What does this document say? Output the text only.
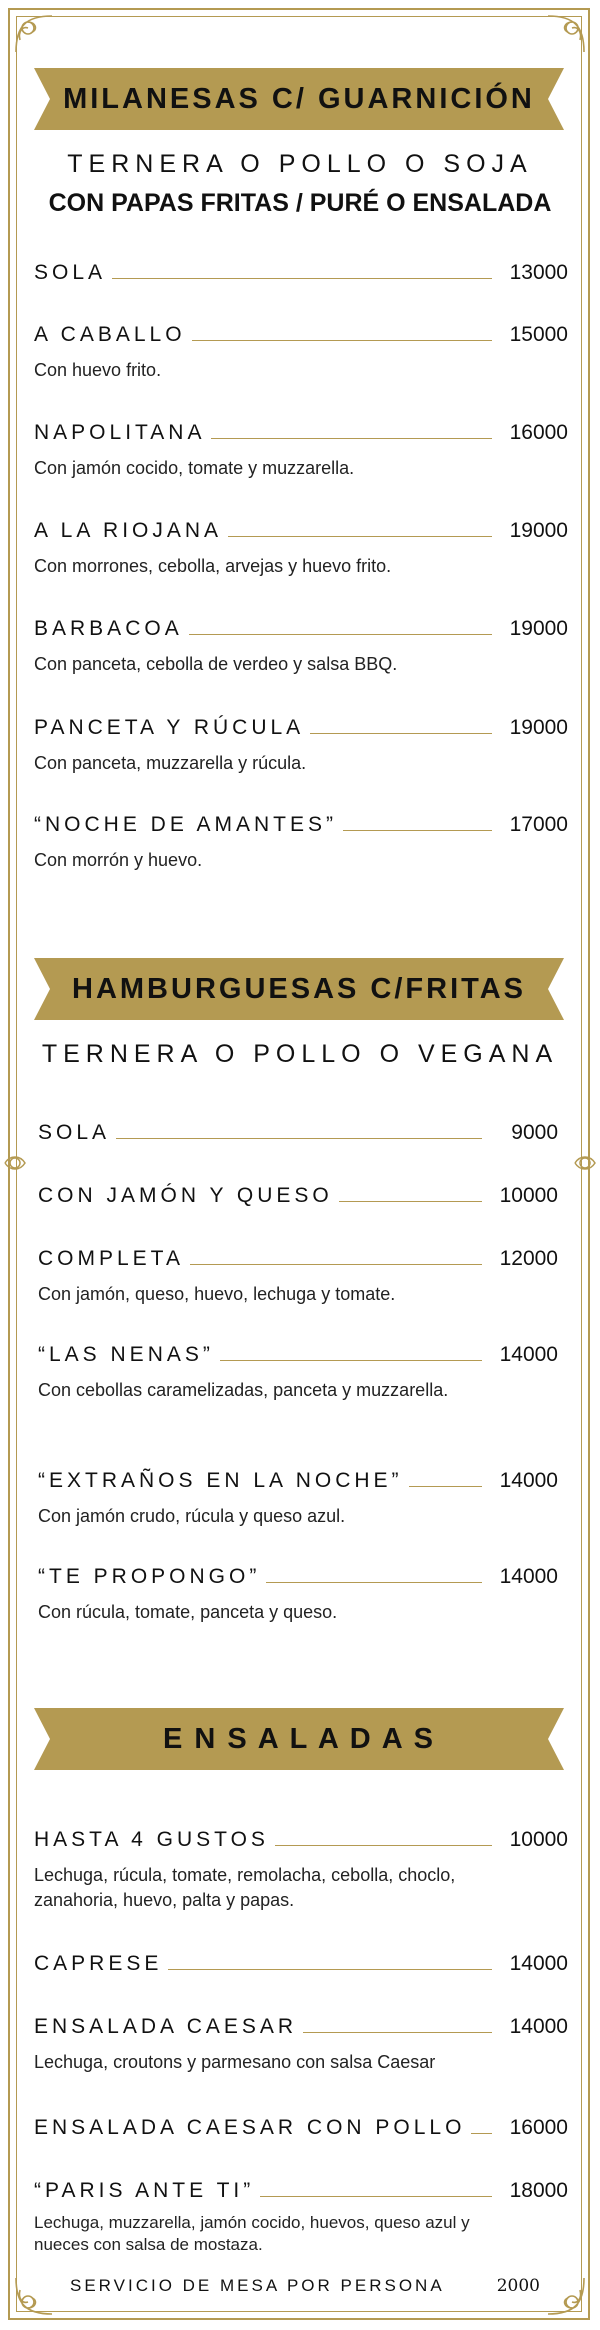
MILANESAS C/ GUARNICIÓN
TERNERA O POLLO O SOJA
CON PAPAS FRITAS / PURÉ O ENSALADA
SOLA	13000
A CABALLO	15000
Con huevo frito.
NAPOLITANA	16000
Con jamón cocido, tomate y muzzarella.
A LA RIOJANA	19000
Con morrones, cebolla, arvejas y huevo frito.
BARBACOA	19000
Con panceta, cebolla de verdeo y salsa BBQ.
PANCETA Y RÚCULA	19000
Con panceta, muzzarella y rúcula.
“NOCHE DE AMANTES”	17000
Con morrón y huevo.
HAMBURGUESAS C/FRITAS
TERNERA O POLLO O VEGANA
SOLA	9000
CON JAMÓN Y QUESO	10000
COMPLETA	12000
Con jamón, queso, huevo, lechuga y tomate.
“LAS NENAS”	14000
Con cebollas caramelizadas, panceta y muzzarella.
“EXTRAÑOS EN LA NOCHE”	14000
Con jamón crudo, rúcula y queso azul.
“TE PROPONGO”	14000
Con rúcula, tomate, panceta y queso.
E N S A L A D A S
HASTA 4 GUSTOS	10000
Lechuga, rúcula, tomate, remolacha, cebolla, choclo, zanahoria, huevo, palta y papas.
CAPRESE	14000
ENSALADA CAESAR	14000
Lechuga, croutons y parmesano con salsa Caesar
ENSALADA CAESAR CON POLLO	16000
“PARIS ANTE TI”	18000
Lechuga, muzzarella, jamón cocido, huevos, queso azul y nueces con salsa de mostaza.
SERVICIO DE MESA POR PERSONA	2000
